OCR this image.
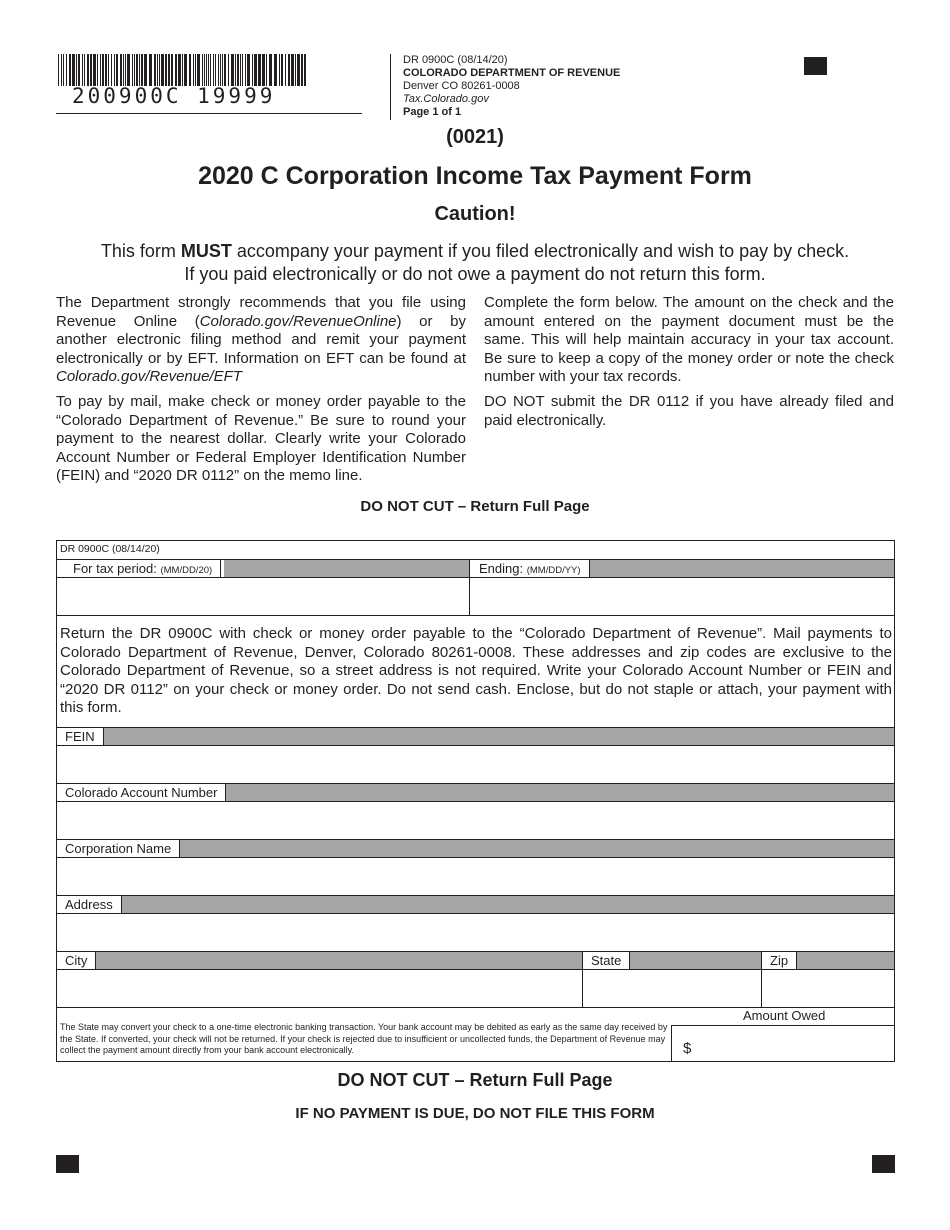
200900C 19999
DR 0900C (08/14/20)
COLORADO DEPARTMENT OF REVENUE
Denver CO 80261-0008
Tax.Colorado.gov
Page 1 of 1
(0021)
2020 C Corporation Income Tax Payment Form
Caution!
This form MUST accompany your payment if you filed electronically and wish to pay by check.
If you paid electronically or do not owe a payment do not return this form.

The Department strongly recommends that you file using Revenue Online (Colorado.gov/RevenueOnline) or by another electronic filing method and remit your payment electronically or by EFT. Information on EFT can be found at Colorado.gov/Revenue/EFT

To pay by mail, make check or money order payable to the “Colorado Department of Revenue.” Be sure to round your payment to the nearest dollar. Clearly write your Colorado Account Number or Federal Employer Identification Number (FEIN) and “2020 DR 0112” on the memo line.

Complete the form below. The amount on the check and the amount entered on the payment document must be the same. This will help maintain accuracy in your tax account. Be sure to keep a copy of the money order or note the check number with your tax records.

DO NOT submit the DR 0112 if you have already filed and paid electronically.

DO NOT CUT – Return Full Page
DR 0900C (08/14/20)
For tax period: (MM/DD/20)	Ending: (MM/DD/YY)
Return the DR 0900C with check or money order payable to the “Colorado Department of Revenue”. Mail payments to Colorado Department of Revenue, Denver, Colorado 80261-0008. These addresses and zip codes are exclusive to the Colorado Department of Revenue, so a street address is not required. Write your Colorado Account Number or FEIN and “2020 DR 0112” on your check or money order. Do not send cash. Enclose, but do not staple or attach, your payment with this form.
FEIN
Colorado Account Number
Corporation Name
Address
City	State	Zip
Amount Owed
$
The State may convert your check to a one-time electronic banking transaction. Your bank account may be debited as early as the same day received by the State. If converted, your check will not be returned. If your check is rejected due to insufficient or uncollected funds, the Department of Revenue may collect the payment amount directly from your bank account electronically.
DO NOT CUT – Return Full Page
IF NO PAYMENT IS DUE, DO NOT FILE THIS FORM
